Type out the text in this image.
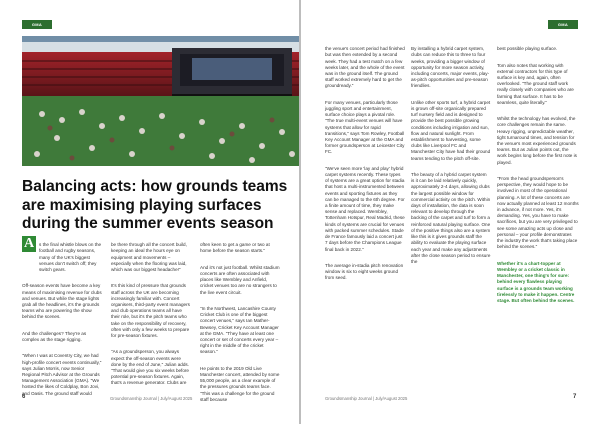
GMA
Balancing acts: how grounds teams are maximising playing surfaces during the summer events season
A	s the final whistle blows on the football and rugby seasons, many of the UK's biggest venues don't switch off; they switch gears.

Off-season events have become a key means of maximising revenue for clubs and venues. But while the stage lights grab all the headlines, it's the grounds teams who are powering the show behind the scenes.

And the challenges? They're as complex as the stage rigging.

"When I was at Coventry City, we had high-profile concert events continually," says Julian Morris, now Senior Regional Pitch Advisor at the Grounds Management Association (GMA). "We hosted the likes of Coldplay, Bon Jovi, and Oasis. The ground staff would

be there through all the concert build, keeping an ideal the hours eye on equipment and movements – especially when the flooring was laid, which was our biggest headache!"

It's this kind of pressure that grounds staff across the UK are becoming increasingly familiar with. Concert organisers, third-party event managers and club operations teams all have their role, but it's the pitch teams who take on the responsibility of recovery, often with only a few weeks to prepare for pre-season fixtures.

"As a groundsperson, you always expect the off-season events were done by the end of June," Julian adds. "That would give you six weeks before potential pre-season fixtures. Again, that's a revenue generator. Clubs are

often keen to get a game or two at home before the season starts."

And it's not just football. Whilst stadium concerts are often associated with places like Wembley and Anfield, cricket venues too are no strangers to the live event circuit.

"In the Northwest, Lancashire County Cricket Club is one of the biggest concert venues," says Ian Mather-Bewsey, Cricket Key Account Manager at the GMA. "They have at least one concert or set of concerts every year – right in the middle of the cricket season."

He points to the 2019 Old Live Manchester concert, attended by some 55,000 people, as a clear example of the pressures grounds teams face. "This was a challenge for the ground staff because

6	Groundsmanship Journal | July/August 2025
GMA

the venue's concert period had finished but was then extended by a second week. They had a test match on a few weeks later, and the whole of the event was in the ground itself. The ground staff worked extremely hard to get the groundready."

For many venues, particularly those juggling sport and entertainment, surface choice plays a pivotal role. "The true multi-event venues will have systems that allow for rapid transitions," says Tom Rowley, Football Key Account Manager at the GMA and former groundsperson at Leicester City FC.

"We've seen more 'lay and play' hybrid carpet systems recently. These types of systems are a great option for stadia that host a multi-instrumented between events and sporting fixtures as they can be managed to the 6th degree. For a finite amount of time, they make sense and replaced. Wembley, Tottenham Hotspur, Real Madrid, these kinds of systems are crucial for venues with packed summer schedules. Stade de France famously laid a concert just 7 days before the Champions League final back in 2022."

The average in-stadia pitch renovation window is six to eight weeks ground from seed.

By installing a hybrid carpet system, clubs can reduce this to three to four weeks, providing a bigger window of opportunity for more season activity, including concerts, major events, play-as-pitch opportunities and pre-season friendlies.

Unlike other sports turf, a hybrid carpet is grown off-site organically prepared turf nursery field and is designed to provide the best possible growing conditions including irrigation and sun, flow and natural sunlight. From establishment to harvesting, some clubs like Liverpool FC and Manchester City have had their ground teams tending to the pitch off-site.

The beauty of a hybrid carpet system is it can be laid relatively quickly, approximately 2-4 days, allowing clubs the largest possible window for commercial activity on the pitch. Within days of installation, the data is soon relevant to develop through the backing of the carpet and turf to form a reinforced natural playing surface. One of the positive things also are a system like this is it gives grounds staff the ability to evaluate the playing surface each year and make any adjustments after the close season period to ensure the

best possible playing surface.

Tom also notes that working with external contractors for this type of surface is key and, again, often overlooked. "The ground staff work really closely with companies who are farming that surface. It has to be seamless, quite literally."

Whilst the technology has evolved, the core challenges remain the same. Heavy rigging, unpredictable weather, tight turnaround times, and tension for the venue's most experienced grounds teams. But as Julian points out, the work begins long before the first note is played.

"From the head groundsperson's perspective, they would hope to be involved in most of the operational planning. A lot of these concerts are now actually planned at least 12 months in advance, if not more. Yes, it's demanding. Yes, you have to make sacrifices, but you are very privileged to see some amazing acts up close and personal – your profile demonstrates the industry the work that's taking place behind the scenes."

Whether it's a chart-topper at Wembley or a cricket classic in Manchester, one thing's for sure: behind every flawless playing surface is a grounds team working tirelessly to make it happen. Centre stage. But often behind the scenes.

Groundsmanship Journal | July/August 2025	7
